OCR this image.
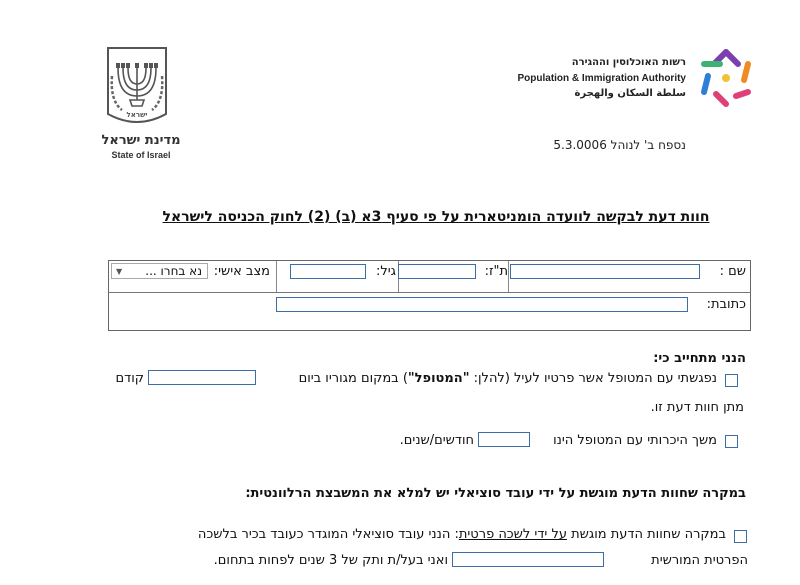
ישראל
מדינת ישראל
State of Israel
רשות האוכלוסין וההגירה
Population & Immigration Authority
سلطة السكان والهجرة
נספח ב' לנוהל 5.3.0006
חוות דעת לבקשה לוועדה הומניטארית על פי סעיף 3א (ב) (2) לחוק הכניסה לישראל
שם :
ת"ז:
גיל:
מצב אישי:
נא בחרו ...
▼
כתובת:
הנני מתחייב כי:
נפגשתי עם המטופל אשר פרטיו לעיל (להלן: "המטופל") במקום מגוריו ביום
קודם
מתן חוות דעת זו.
משך היכרותי עם המטופל הינו
חודשים/שנים.
במקרה שחוות הדעת מוגשת על ידי עובד סוציאלי יש למלא את המשבצת הרלוונטית:
במקרה שחוות הדעת מוגשת על ידי לשכה פרטית: הנני עובד סוציאלי המוגדר כעובד בכיר בלשכה
הפרטית המורשית
ואני בעל/ת ותק של 3 שנים לפחות בתחום.
